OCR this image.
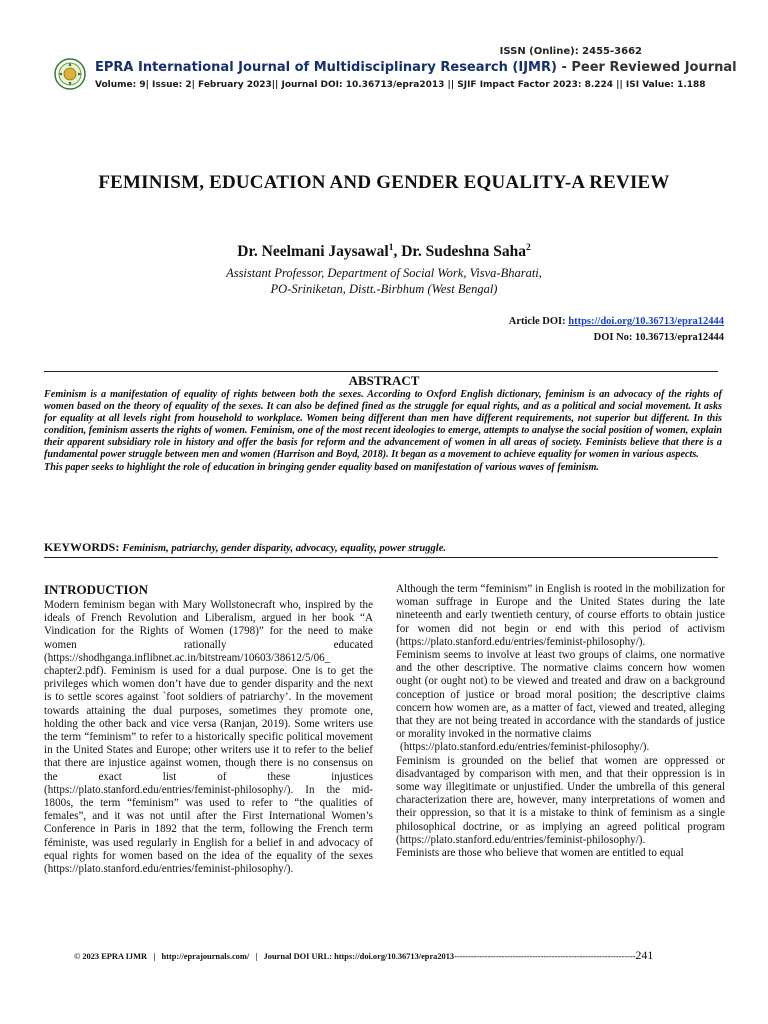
ISSN (Online): 2455-3662
EPRA International Journal of Multidisciplinary Research (IJMR) - Peer Reviewed Journal
Volume: 9| Issue: 2| February 2023|| Journal DOI: 10.36713/epra2013 || SJIF Impact Factor 2023: 8.224 || ISI Value: 1.188
FEMINISM, EDUCATION AND GENDER EQUALITY-A REVIEW
Dr. Neelmani Jaysawal$^1$, Dr. Sudeshna Saha$^2$
Assistant Professor, Department of Social Work, Visva-Bharati,
PO-Sriniketan, Distt.-Birbhum (West Bengal)
Article DOI: https://doi.org/10.36713/epra12444
DOI No: 10.36713/epra12444
ABSTRACT

Feminism is a manifestation of equality of rights between both the sexes. According to Oxford English dictionary, feminism is an advocacy of the rights of women based on the theory of equality of the sexes. It can also be defined fined as the struggle for equal rights, and as a political and social movement. It asks for equality at all levels right from household to workplace. Women being different than men have different requirements, not superior but different. In this condition, feminism asserts the rights of women. Feminism, one of the most recent ideologies to emerge, attempts to analyse the social position of women, explain their apparent subsidiary role in history and offer the basis for reform and the advancement of women in all areas of society. Feminists believe that there is a fundamental power struggle between men and women (Harrison and Boyd, 2018). It began as a movement to achieve equality for women in various aspects.

This paper seeks to highlight the role of education in bringing gender equality based on manifestation of various waves of feminism.

KEYWORDS: Feminism, patriarchy, gender disparity, advocacy, equality, power struggle.
INTRODUCTION

Modern feminism began with Mary Wollstonecraft who, inspired by the ideals of French Revolution and Liberalism, argued in her book “A Vindication for the Rights of Women (1798)” for the need to make women rationally educated (https://shodhganga.inflibnet.ac.in/bitstream/10603/38612/5/06_ chapter2.pdf). Feminism is used for a dual purpose. One is to get the privileges which women don’t have due to gender disparity and the next is to settle scores against `foot soldiers of patriarchy’. In the movement towards attaining the dual purposes, sometimes they promote one, holding the other back and vice versa (Ranjan, 2019). Some writers use the term “feminism” to refer to a historically specific political movement in the United States and Europe; other writers use it to refer to the belief that there are injustice against women, though there is no consensus on the exact list of these injustices (https://plato.stanford.edu/entries/feminist-philosophy/). In the mid-1800s, the term “feminism” was used to refer to “the qualities of females”, and it was not until after the First International Women’s Conference in Paris in 1892 that the term, following the French term féministe, was used regularly in English for a belief in and advocacy of equal rights for women based on the idea of the equality of the sexes (https://plato.stanford.edu/entries/feminist-philosophy/).

Although the term “feminism” in English is rooted in the mobilization for woman suffrage in Europe and the United States during the late nineteenth and early twentieth century, of course efforts to obtain justice for women did not begin or end with this period of activism (https://plato.stanford.edu/entries/feminist-philosophy/).

Feminism seems to involve at least two groups of claims, one normative and the other descriptive. The normative claims concern how women ought (or ought not) to be viewed and treated and draw on a background conception of justice or broad moral position; the descriptive claims concern how women are, as a matter of fact, viewed and treated, alleging that they are not being treated in accordance with the standards of justice or morality invoked in the normative claims

(https://plato.stanford.edu/entries/feminist-philosophy/).

Feminism is grounded on the belief that women are oppressed or disadvantaged by comparison with men, and that their oppression is in some way illegitimate or unjustified. Under the umbrella of this general characterization there are, however, many interpretations of women and their oppression, so that it is a mistake to think of feminism as a single philosophical doctrine, or as implying an agreed political program (https://plato.stanford.edu/entries/feminist-philosophy/).

Feminists are those who believe that women are entitled to equal

© 2023 EPRA IJMR | http://eprajournals.com/ | Journal DOI URL: https://doi.org/10.36713/epra2013-----------------------------------------------------------------241
